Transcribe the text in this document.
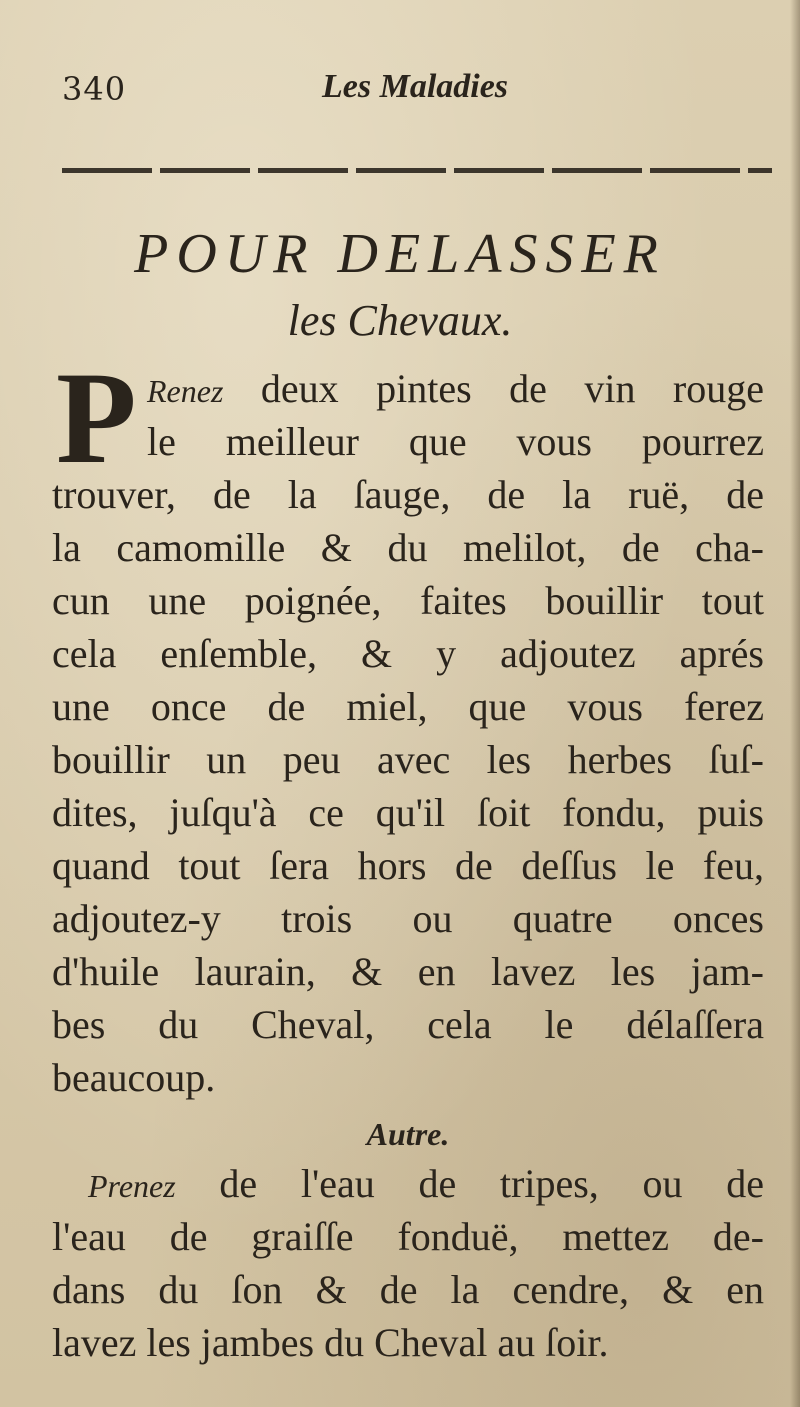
340	Les Maladies
POUR DELASSER
les Chevaux.
P Renez deux pintes de vin rouge
le meilleur que vous pourrez
trouver, de la ſauge, de la ruë, de
la camomille & du melilot, de cha-
cun une poignée, faites bouillir tout
cela enſemble, & y adjoutez aprés
une once de miel, que vous ferez
bouillir un peu avec les herbes ſuſ-
dites, juſqu'à ce qu'il ſoit fondu, puis
quand tout ſera hors de deſſus le feu,
adjoutez-y trois ou quatre onces
d'huile laurain, & en lavez les jam-
bes du Cheval, cela le délaſſera
beaucoup.
Autre.
Prenez de l'eau de tripes, ou de
l'eau de graiſſe fonduë, mettez de-
dans du ſon & de la cendre, & en
lavez les jambes du Cheval au ſoir.
